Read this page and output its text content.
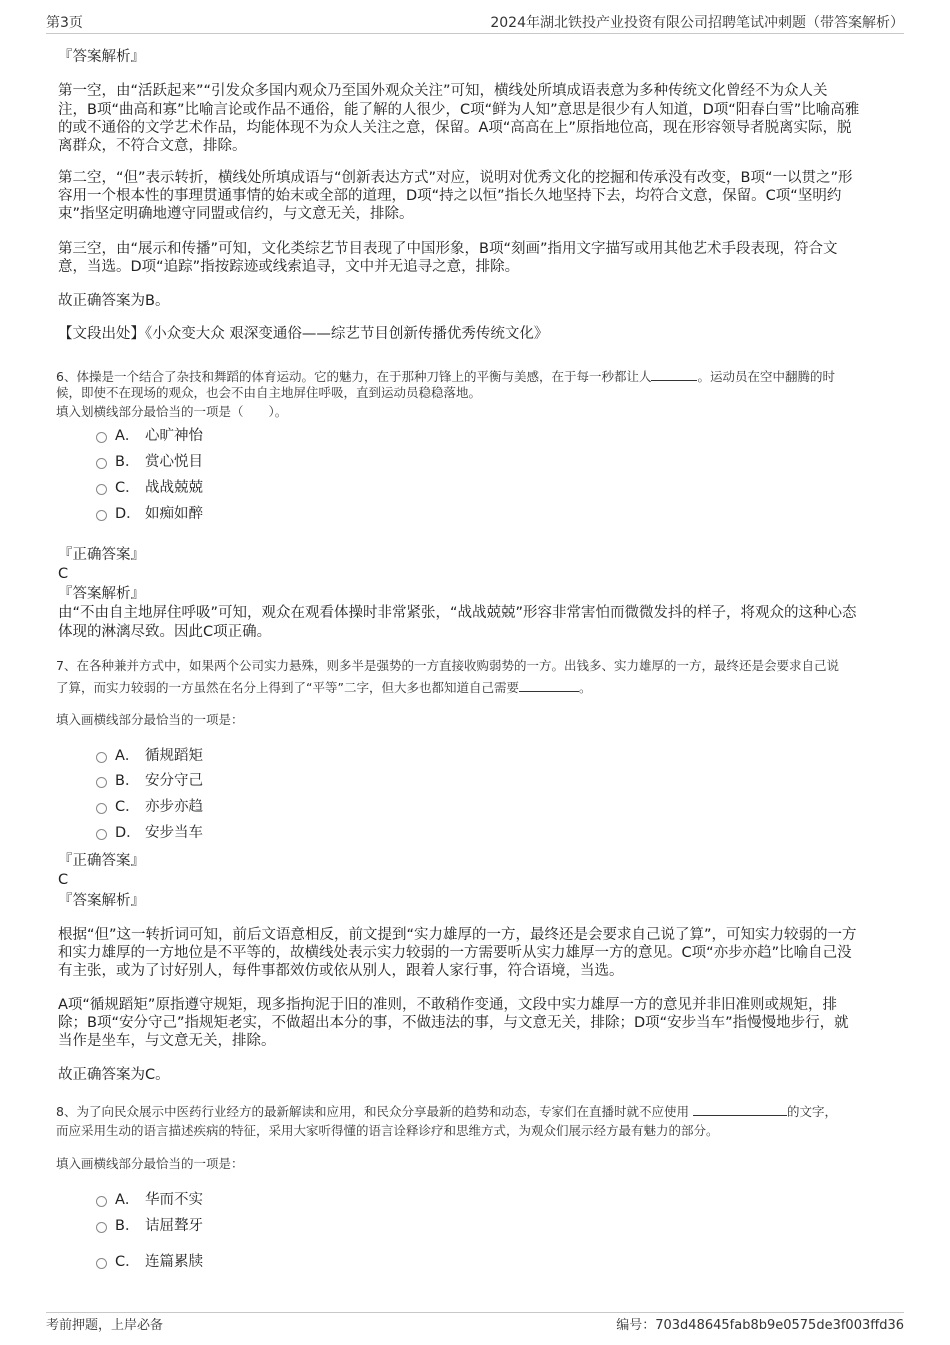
第3页	2024年湖北铁投产业投资有限公司招聘笔试冲刺题（带答案解析）

『答案解析』

第一空，由“活跃起来”“引发众多国内观众乃至国外观众关注”可知，横线处所填成语表意为多种传统文化曾经不为众人关

注，B项“曲高和寡”比喻言论或作品不通俗，能了解的人很少，C项“鲜为人知”意思是很少有人知道，D项“阳春白雪”比喻高雅

的或不通俗的文学艺术作品，均能体现不为众人关注之意，保留。A项“高高在上”原指地位高，现在形容领导者脱离实际，脱

离群众，不符合文意，排除。

第二空，“但”表示转折，横线处所填成语与“创新表达方式”对应，说明对优秀文化的挖掘和传承没有改变，B项“一以贯之”形

容用一个根本性的事理贯通事情的始末或全部的道理，D项“持之以恒”指长久地坚持下去，均符合文意，保留。C项“坚明约

束”指坚定明确地遵守同盟或信约，与文意无关，排除。

第三空，由“展示和传播”可知，文化类综艺节目表现了中国形象，B项“刻画”指用文字描写或用其他艺术手段表现，符合文

意，当选。D项“追踪”指按踪迹或线索追寻，文中并无追寻之意，排除。

故正确答案为B。

【文段出处】《小众变大众 艰深变通俗——综艺节目创新传播优秀传统文化》

6、体操是一个结合了杂技和舞蹈的体育运动。它的魅力，在于那种刀锋上的平衡与美感，在于每一秒都让人	。运动员在空中翻腾的时

候，即使不在现场的观众，也会不由自主地屏住呼吸，直到运动员稳稳落地。

填入划横线部分最恰当的一项是（　　）。

A． 心旷神怡
B． 赏心悦目
C． 战战兢兢
D． 如痴如醉

『正确答案』

C

『答案解析』

由“不由自主地屏住呼吸”可知，观众在观看体操时非常紧张，“战战兢兢”形容非常害怕而微微发抖的样子，将观众的这种心态

体现的淋漓尽致。因此C项正确。

7、在各种兼并方式中，如果两个公司实力悬殊，则多半是强势的一方直接收购弱势的一方。出钱多、实力雄厚的一方，最终还是会要求自己说

了算，而实力较弱的一方虽然在名分上得到了“平等”二字，但大多也都知道自己需要	。

填入画横线部分最恰当的一项是：

A． 循规蹈矩
B． 安分守己
C． 亦步亦趋
D． 安步当车

『正确答案』

C

『答案解析』

根据“但”这一转折词可知，前后文语意相反，前文提到“实力雄厚的一方，最终还是会要求自己说了算”，可知实力较弱的一方

和实力雄厚的一方地位是不平等的，故横线处表示实力较弱的一方需要听从实力雄厚一方的意见。C项“亦步亦趋”比喻自己没

有主张，或为了讨好别人，每件事都效仿或依从别人，跟着人家行事，符合语境，当选。

A项“循规蹈矩”原指遵守规矩，现多指拘泥于旧的准则，不敢稍作变通，文段中实力雄厚一方的意见并非旧准则或规矩，排

除；B项“安分守己”指规矩老实，不做超出本分的事，不做违法的事，与文意无关，排除；D项“安步当车”指慢慢地步行，就

当作是坐车，与文意无关，排除。

故正确答案为C。

8、为了向民众展示中医药行业经方的最新解读和应用，和民众分享最新的趋势和动态，专家们在直播时就不应使用	的文字，

而应采用生动的语言描述疾病的特征，采用大家听得懂的语言诠释诊疗和思维方式，为观众们展示经方最有魅力的部分。

填入画横线部分最恰当的一项是：

A． 华而不实
B． 诘屈聱牙
C． 连篇累牍
考前押题，上岸必备	编号：703d48645fab8b9e0575de3f003ffd36
